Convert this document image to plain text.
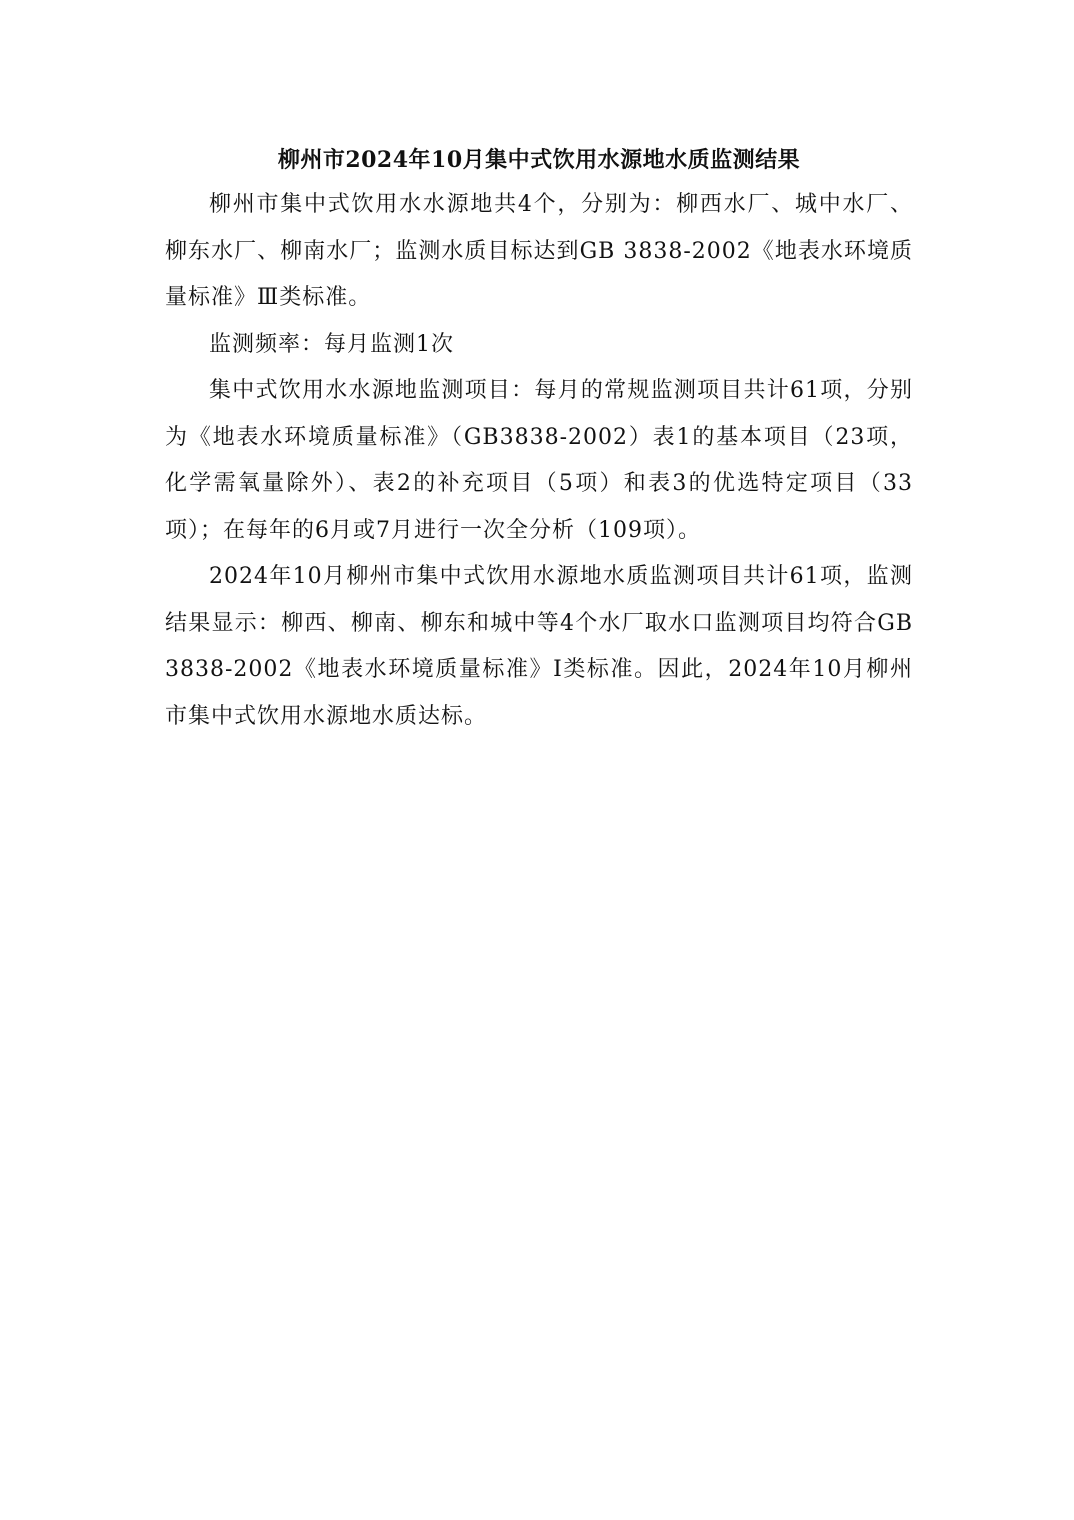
柳州市2024年10月集中式饮用水源地水质监测结果

柳州市集中式饮用水水源地共4个，分别为：柳西水厂、城中水厂、柳东水厂、柳南水厂；监测水质目标达到GB 3838-2002《地表水环境质量标准》Ⅲ类标准。

监测频率：每月监测1次

集中式饮用水水源地监测项目：每月的常规监测项目共计61项，分别为《地表水环境质量标准》（GB3838-2002）表1的基本项目（23项，化学需氧量除外）、表2的补充项目（5项）和表3的优选特定项目（33项）；在每年的6月或7月进行一次全分析（109项）。

2024年10月柳州市集中式饮用水源地水质监测项目共计61项，监测结果显示：柳西、柳南、柳东和城中等4个水厂取水口监测项目均符合GB 3838-2002《地表水环境质量标准》Ⅰ类标准。因此，2024年10月柳州市集中式饮用水源地水质达标。
